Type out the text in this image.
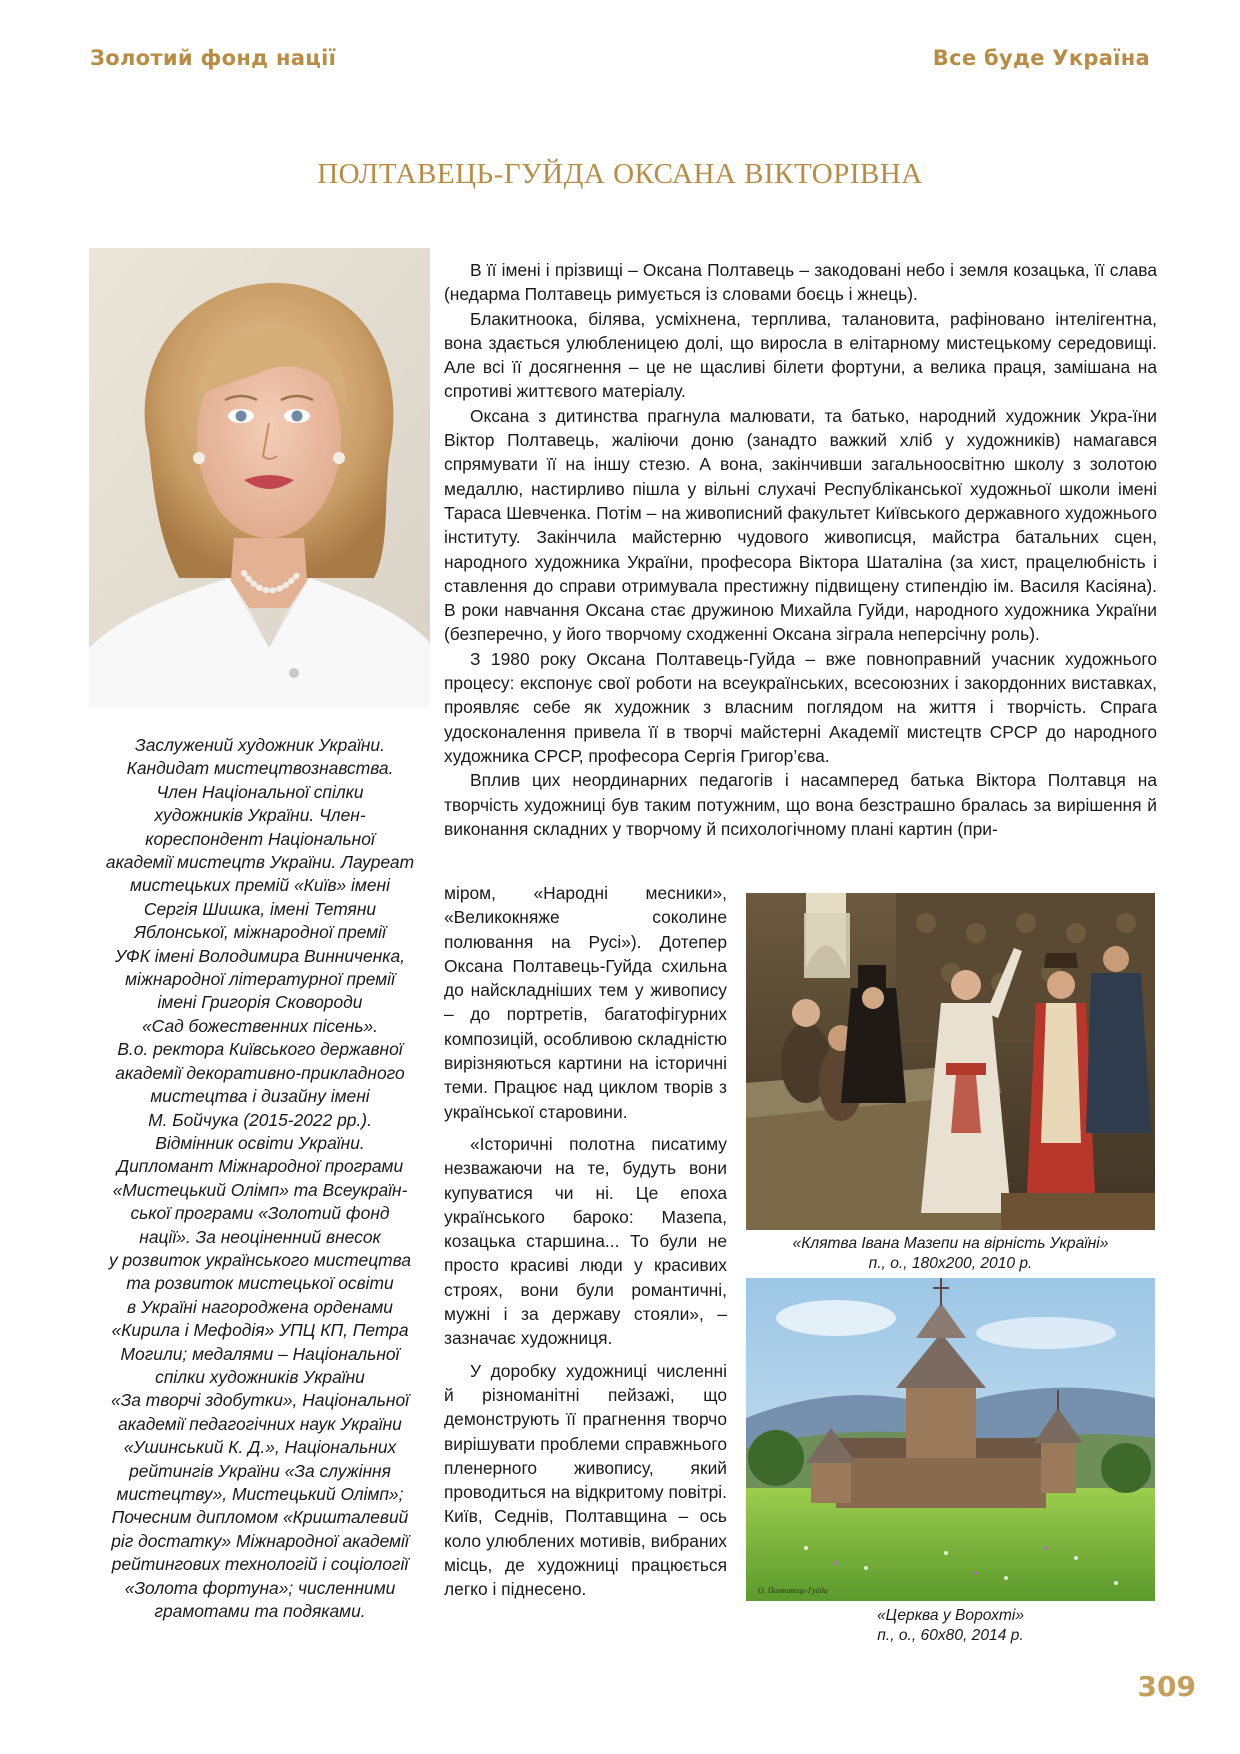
Золотий фонд нації	Все буде Україна
ПОЛТАВЕЦЬ-ГУЙДА ОКСАНА ВІКТОРІВНА
Заслужений художник України.
Кандидат мистецтвознавства.
Член Національної спілки
художників України. Член-
кореспондент Національної
академії мистецтв України. Лауреат
мистецьких премій «Київ» імені
Сергія Шишка, імені Тетяни
Яблонської, міжнародної премії
УФК імені Володимира Винниченка,
міжнародної літературної премії
імені Григорія Сковороди
«Сад божественних пісень».
В.о. ректора Київського державної
академії декоративно-прикладного
мистецтва і дизайну імені
М. Бойчука (2015-2022 рр.).
Відмінник освіти України.
Дипломант Міжнародної програми
«Мистецький Олімп» та Всеукраїн-
ської програми «Золотий фонд
нації». За неоціненний внесок
у розвиток українського мистецтва
та розвиток мистецької освіти
в Україні нагороджена орденами
«Кирила і Мефодія» УПЦ КП, Петра
Могили; медалями – Національної
спілки художників України
«За творчі здобутки», Національної
академії педагогічних наук України
«Ушинський К. Д.», Національних
рейтингів України «За служіння
мистецтву», Мистецький Олімп»;
Почесним дипломом «Кришталевий
ріг достатку» Міжнародної академії
рейтингових технологій і соціології
«Золота фортуна»; численними
грамотами та подяками.

В її імені і прізвищі – Оксана Полтавець – закодовані небо і земля козацька, її слава (недарма Полтавець римується із словами боєць і жнець).

Блакитноока, білява, усміхнена, терплива, талановита, рафіновано інтелігентна, вона здається улюбленицею долі, що виросла в елітарному мистецькому середовищі. Але всі її досягнення – це не щасливі білети фортуни, а велика праця, замішана на спротиві життєвого матеріалу.

Оксана з дитинства прагнула малювати, та батько, народний художник Укра-їни Віктор Полтавець, жаліючи доню (занадто важкий хліб у художників) намагався спрямувати її на іншу стезю. А вона, закінчивши загальноосвітню школу з золотою медаллю, настирливо пішла у вільні слухачі Республіканської художньої школи імені Тараса Шевченка. Потім – на живописний факультет Київського державного художнього інституту. Закінчила майстерню чудового живописця, майстра батальних сцен, народного художника України, професора Віктора Шаталіна (за хист, працелюбність і ставлення до справи отримувала престижну підвищену стипендію ім. Василя Касіяна). В роки навчання Оксана стає дружиною Михайла Гуйди, народного художника України (безперечно, у його творчому сходженні Оксана зіграла неперсічну роль).

З 1980 року Оксана Полтавець-Гуйда – вже повноправний учасник художнього процесу: експонує свої роботи на всеукраїнських, всесоюзних і закордонних виставках, проявляє себе як художник з власним поглядом на життя і творчість. Спрага удосконалення привела її в творчі майстерні Академії мистецтв СРСР до народного художника СРСР, професора Сергія Григор’єва.

Вплив цих неординарних педагогів і насамперед батька Віктора Полтавця на творчість художниці був таким потужним, що вона безстрашно бралась за вирішення й виконання складних у творчому й психологічному плані картин (при-

міром, «Народні месники», «Великокняже соколине полювання на Русі»). Дотепер Оксана Полтавець-Гуйда схильна до найскладніших тем у живопису – до портретів, багатофігурних композицій, особливою складністю вирізняються картини на історичні теми. Працює над циклом творів з української старовини.

«Історичні полотна писатиму незважаючи на те, будуть вони купуватися чи ні. Це епоха українського бароко: Мазепа, козацька старшина... То були не просто красиві люди у красивих строях, вони були романтичні, мужні і за державу стояли», – зазначає художниця.

У доробку художниці численні й різноманітні пейзажі, що демонструють її прагнення творчо вирішувати проблеми справжнього пленерного живопису, який проводиться на відкритому повітрі. Київ, Седнів, Полтавщина – ось коло улюблених мотивів, вибраних місць, де художниці працюється легко і піднесено.

«Клятва Івана Мазепи на вірність Україні»
п., о., 180х200, 2010 р.
О. Полтавець-Гуйда
«Церква у Ворохті»
п., о., 60х80, 2014 р.
309
